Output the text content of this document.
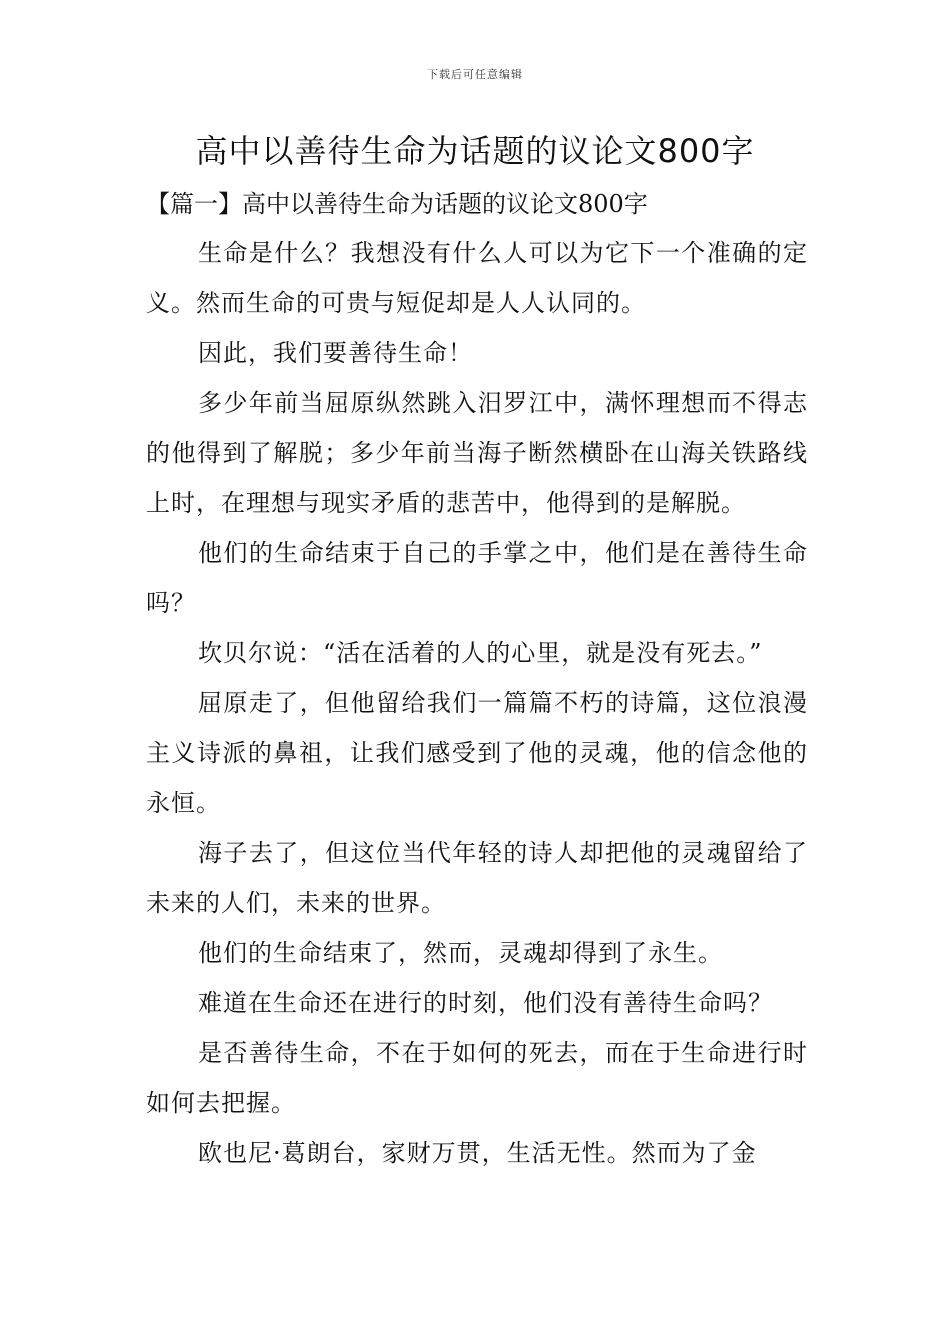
下载后可任意编辑
高中以善待生命为话题的议论文800字
【篇一】高中以善待生命为话题的议论文800字

生命是什么？我想没有什么人可以为它下一个准确的定义。然而生命的可贵与短促却是人人认同的。

因此，我们要善待生命！

多少年前当屈原纵然跳入汨罗江中，满怀理想而不得志的他得到了解脱；多少年前当海子断然横卧在山海关铁路线上时，在理想与现实矛盾的悲苦中，他得到的是解脱。

他们的生命结束于自己的手掌之中，他们是在善待生命吗？

坎贝尔说：“活在活着的人的心里，就是没有死去。”

屈原走了，但他留给我们一篇篇不朽的诗篇，这位浪漫主义诗派的鼻祖，让我们感受到了他的灵魂，他的信念他的永恒。

海子去了，但这位当代年轻的诗人却把他的灵魂留给了未来的人们，未来的世界。

他们的生命结束了，然而，灵魂却得到了永生。

难道在生命还在进行的时刻，他们没有善待生命吗？

是否善待生命，不在于如何的死去，而在于生命进行时如何去把握。

欧也尼·葛朗台，家财万贯，生活无性。然而为了金
